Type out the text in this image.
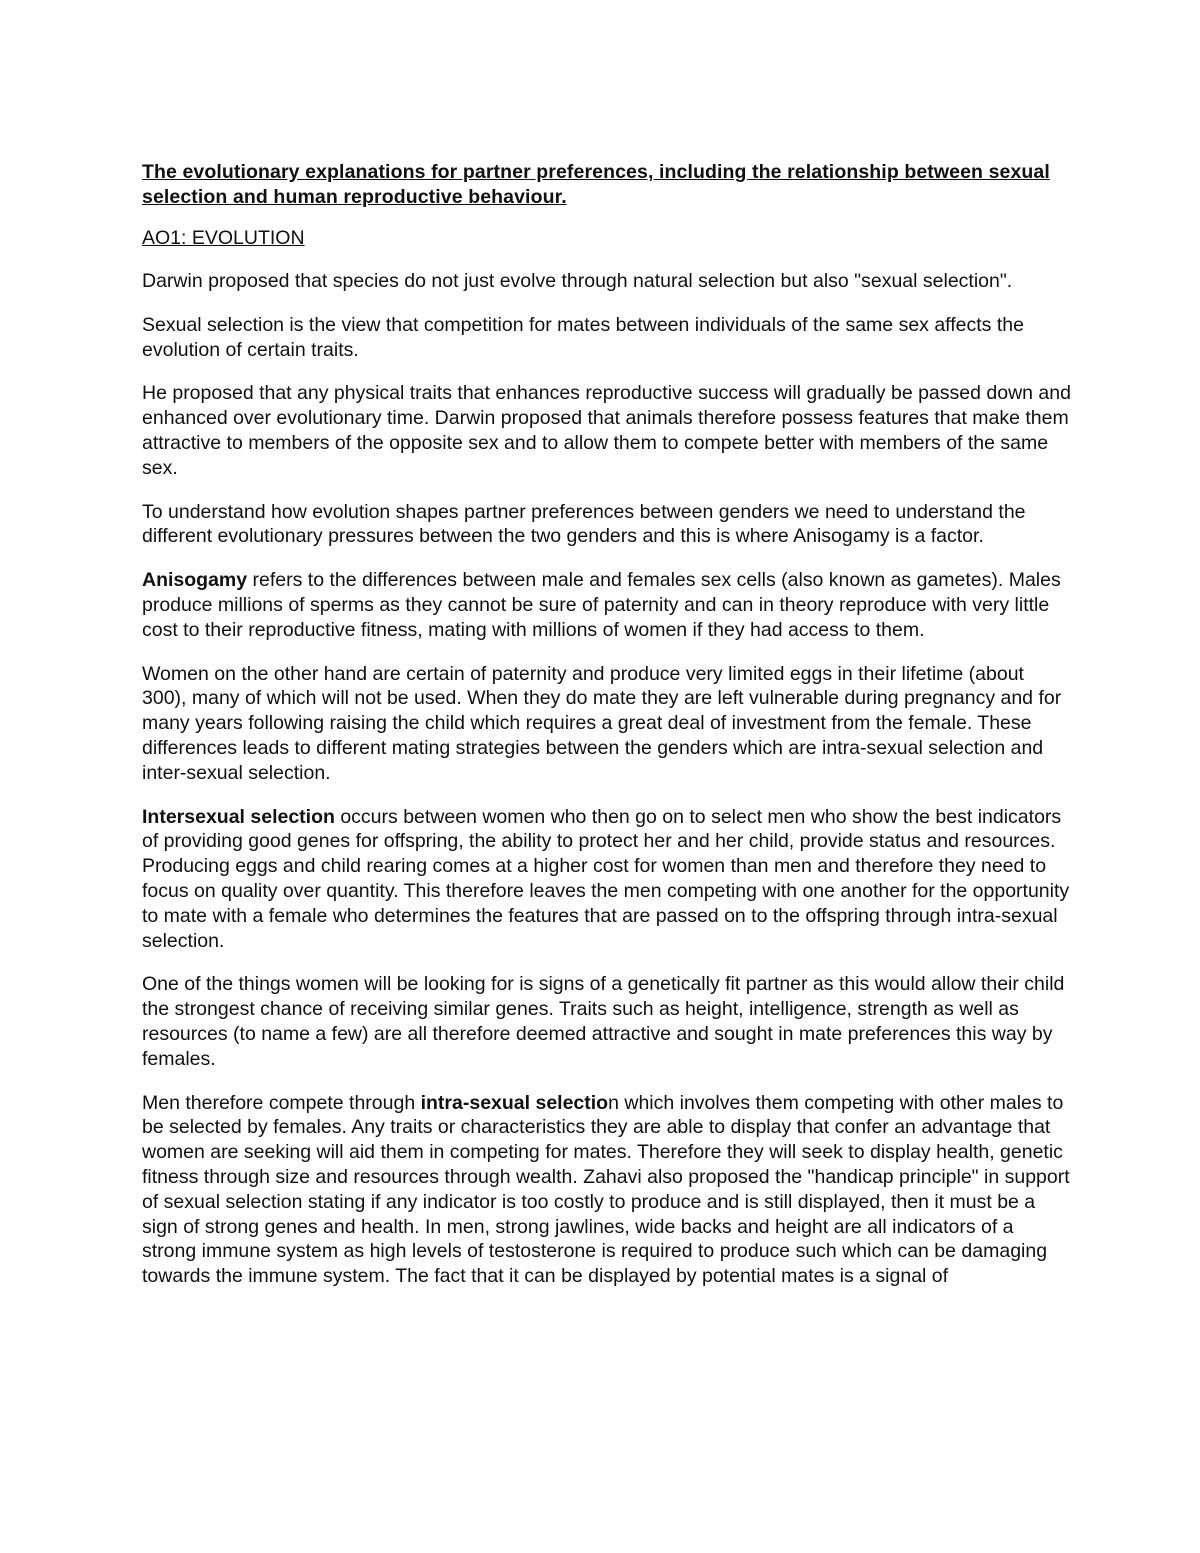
The evolutionary explanations for partner preferences, including the relationship between sexual selection and human reproductive behaviour.
AO1: EVOLUTION

Darwin proposed that species do not just evolve through natural selection but also "sexual selection".

Sexual selection is the view that competition for mates between individuals of the same sex affects the evolution of certain traits.

He proposed that any physical traits that enhances reproductive success will gradually be passed down and enhanced over evolutionary time. Darwin proposed that animals therefore possess features that make them attractive to members of the opposite sex and to allow them to compete better with members of the same sex.

To understand how evolution shapes partner preferences between genders we need to understand the different evolutionary pressures between the two genders and this is where Anisogamy is a factor.

Anisogamy refers to the differences between male and females sex cells (also known as gametes). Males produce millions of sperms as they cannot be sure of paternity and can in theory reproduce with very little cost to their reproductive fitness, mating with millions of women if they had access to them.

Women on the other hand are certain of paternity and produce very limited eggs in their lifetime (about 300), many of which will not be used. When they do mate they are left vulnerable during pregnancy and for many years following raising the child which requires a great deal of investment from the female. These differences leads to different mating strategies between the genders which are intra-sexual selection and inter-sexual selection.

Intersexual selection occurs between women who then go on to select men who show the best indicators of providing good genes for offspring, the ability to protect her and her child, provide status and resources. Producing eggs and child rearing comes at a higher cost for women than men and therefore they need to focus on quality over quantity. This therefore leaves the men competing with one another for the opportunity to mate with a female who determines the features that are passed on to the offspring through intra-sexual selection.

One of the things women will be looking for is signs of a genetically fit partner as this would allow their child the strongest chance of receiving similar genes. Traits such as height, intelligence, strength as well as resources (to name a few) are all therefore deemed attractive and sought in mate preferences this way by females.

Men therefore compete through intra-sexual selection which involves them competing with other males to be selected by females. Any traits or characteristics they are able to display that confer an advantage that women are seeking will aid them in competing for mates. Therefore they will seek to display health, genetic fitness through size and resources through wealth. Zahavi also proposed the "handicap principle" in support of sexual selection stating if any indicator is too costly to produce and is still displayed, then it must be a sign of strong genes and health. In men, strong jawlines, wide backs and height are all indicators of a strong immune system as high levels of testosterone is required to produce such which can be damaging towards the immune system. The fact that it can be displayed by potential mates is a signal of
